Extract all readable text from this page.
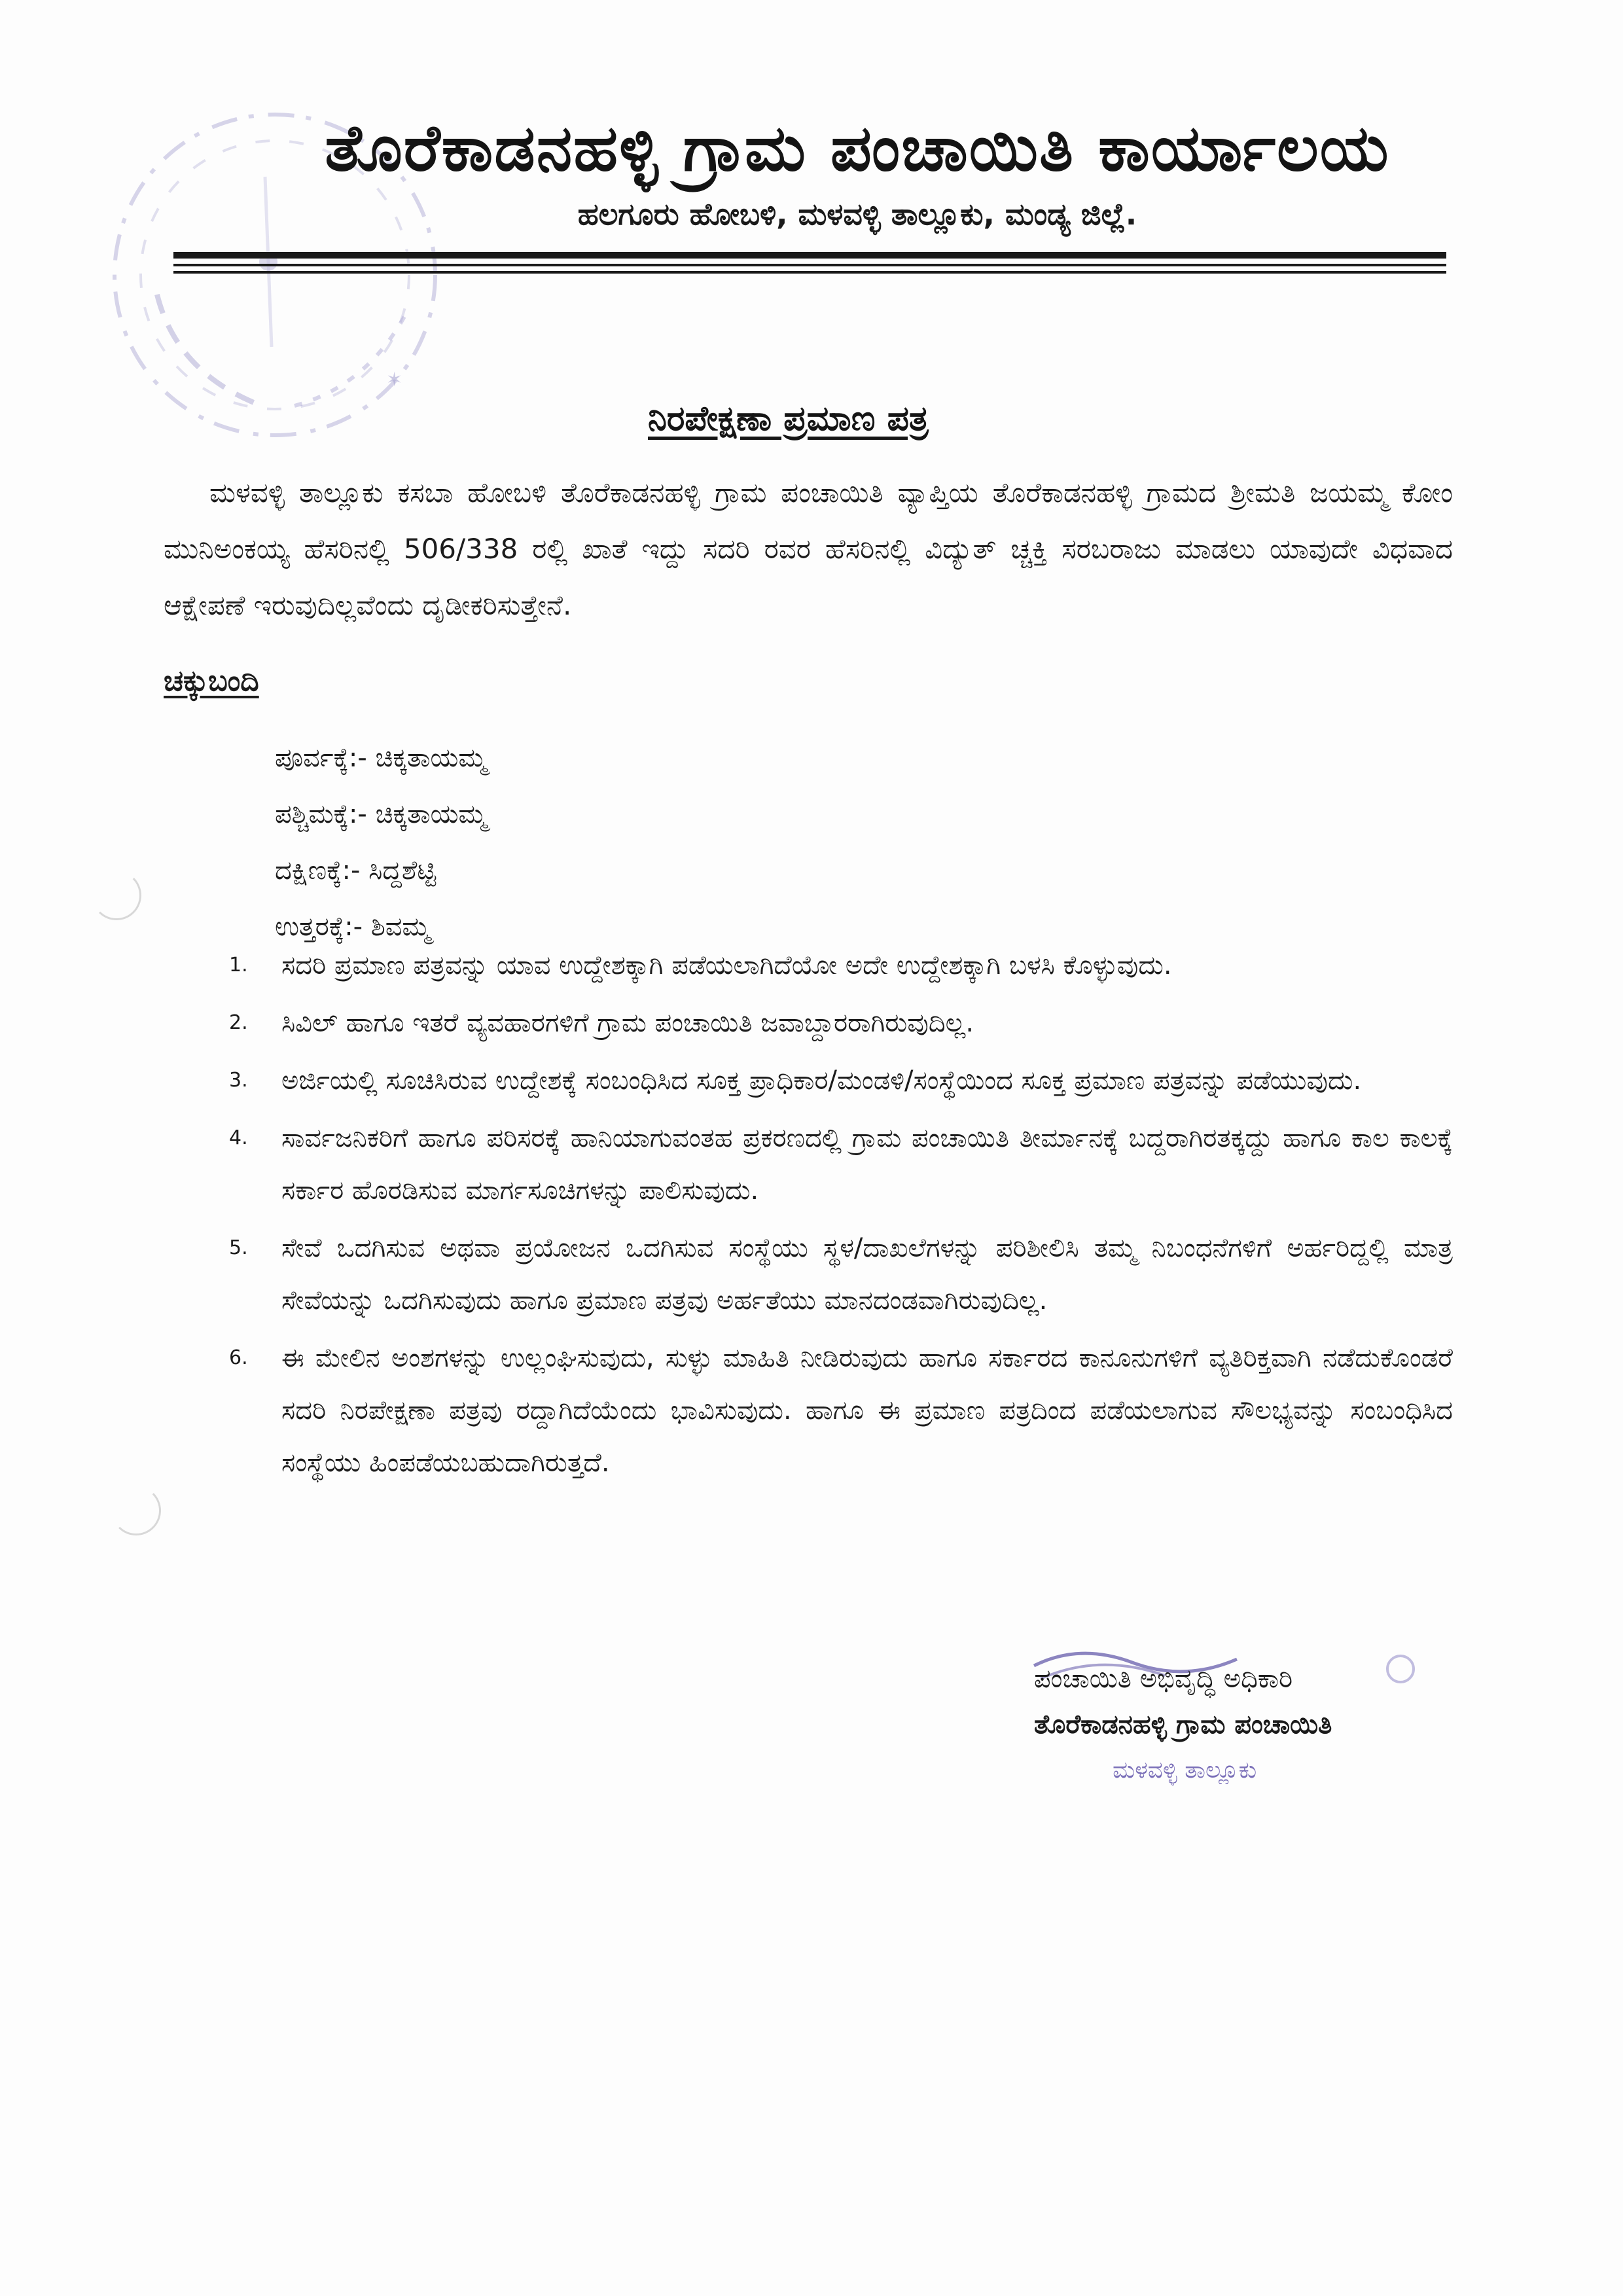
✶
ತೊರೆಕಾಡನಹಳ್ಳಿ ಗ್ರಾಮ ಪಂಚಾಯಿತಿ ಕಾರ್ಯಾಲಯ
ಹಲಗೂರು ಹೋಬಳಿ, ಮಳವಳ್ಳಿ ತಾಲ್ಲೂಕು, ಮಂಡ್ಯ ಜಿಲ್ಲೆ.
ನಿರಪೇಕ್ಷಣಾ ಪ್ರಮಾಣ ಪತ್ರ
ಮಳವಳ್ಳಿ ತಾಲ್ಲೂಕು ಕಸಬಾ ಹೋಬಳಿ ತೊರೆಕಾಡನಹಳ್ಳಿ ಗ್ರಾಮ ಪಂಚಾಯಿತಿ ವ್ಯಾಪ್ತಿಯ ತೊರೆಕಾಡನಹಳ್ಳಿ ಗ್ರಾಮದ ಶ್ರೀಮತಿ ಜಯಮ್ಮ ಕೋಂ ಮುನಿಅಂಕಯ್ಯ ಹೆಸರಿನಲ್ಲಿ 506/338 ರಲ್ಲಿ ಖಾತೆ ಇದ್ದು ಸದರಿ ರವರ ಹೆಸರಿನಲ್ಲಿ ವಿದ್ಯುತ್ ಚ್ಚಕ್ತಿ ಸರಬರಾಜು ಮಾಡಲು ಯಾವುದೇ ವಿಧವಾದ ಆಕ್ಷೇಪಣೆ ಇರುವುದಿಲ್ಲವೆಂದು ದೃಡೀಕರಿಸುತ್ತೇನೆ.
ಚಕ್ಕುಬಂದಿ
ಪೂರ್ವಕ್ಕೆ:- ಚಿಕ್ಕತಾಯಮ್ಮ
ಪಶ್ಚಿಮಕ್ಕೆ:- ಚಿಕ್ಕತಾಯಮ್ಮ
ದಕ್ಷಿಣಕ್ಕೆ:- ಸಿದ್ದಶೆಟ್ಟಿ
ಉತ್ತರಕ್ಕೆ:- ಶಿವಮ್ಮ
1. ಸದರಿ ಪ್ರಮಾಣ ಪತ್ರವನ್ನು ಯಾವ ಉದ್ದೇಶಕ್ಕಾಗಿ ಪಡೆಯಲಾಗಿದೆಯೋ ಅದೇ ಉದ್ದೇಶಕ್ಕಾಗಿ ಬಳಸಿ ಕೊಳ್ಳುವುದು.
2. ಸಿವಿಲ್ ಹಾಗೂ ಇತರೆ ವ್ಯವಹಾರಗಳಿಗೆ ಗ್ರಾಮ ಪಂಚಾಯಿತಿ ಜವಾಬ್ದಾರರಾಗಿರುವುದಿಲ್ಲ.
3. ಅರ್ಜಿಯಲ್ಲಿ ಸೂಚಿಸಿರುವ ಉದ್ದೇಶಕ್ಕೆ ಸಂಬಂಧಿಸಿದ ಸೂಕ್ತ ಪ್ರಾಧಿಕಾರ/ಮಂಡಳಿ/ಸಂಸ್ಥೆಯಿಂದ ಸೂಕ್ತ ಪ್ರಮಾಣ ಪತ್ರವನ್ನು ಪಡೆಯುವುದು.
4. ಸಾರ್ವಜನಿಕರಿಗೆ ಹಾಗೂ ಪರಿಸರಕ್ಕೆ ಹಾನಿಯಾಗುವಂತಹ ಪ್ರಕರಣದಲ್ಲಿ ಗ್ರಾಮ ಪಂಚಾಯಿತಿ ತೀರ್ಮಾನಕ್ಕೆ ಬದ್ದರಾಗಿರತಕ್ಕದ್ದು ಹಾಗೂ ಕಾಲ ಕಾಲಕ್ಕೆ ಸರ್ಕಾರ ಹೊರಡಿಸುವ ಮಾರ್ಗಸೂಚಿಗಳನ್ನು ಪಾಲಿಸುವುದು.
5. ಸೇವೆ ಒದಗಿಸುವ ಅಥವಾ ಪ್ರಯೋಜನ ಒದಗಿಸುವ ಸಂಸ್ಥೆಯು ಸ್ಥಳ/ದಾಖಲೆಗಳನ್ನು ಪರಿಶೀಲಿಸಿ ತಮ್ಮ ನಿಬಂಧನೆಗಳಿಗೆ ಅರ್ಹರಿದ್ದಲ್ಲಿ ಮಾತ್ರ ಸೇವೆಯನ್ನು ಒದಗಿಸುವುದು ಹಾಗೂ ಪ್ರಮಾಣ ಪತ್ರವು ಅರ್ಹತೆಯು ಮಾನದಂಡವಾಗಿರುವುದಿಲ್ಲ.
6. ಈ ಮೇಲಿನ ಅಂಶಗಳನ್ನು ಉಲ್ಲಂಘಿಸುವುದು, ಸುಳ್ಳು ಮಾಹಿತಿ ನೀಡಿರುವುದು ಹಾಗೂ ಸರ್ಕಾರದ ಕಾನೂನುಗಳಿಗೆ ವ್ಯತಿರಿಕ್ತವಾಗಿ ನಡೆದುಕೊಂಡರೆ ಸದರಿ ನಿರಪೇಕ್ಷಣಾ ಪತ್ರವು ರದ್ದಾಗಿದೆಯೆಂದು ಭಾವಿಸುವುದು. ಹಾಗೂ ಈ ಪ್ರಮಾಣ ಪತ್ರದಿಂದ ಪಡೆಯಲಾಗುವ ಸೌಲಭ್ಯವನ್ನು ಸಂಬಂಧಿಸಿದ ಸಂಸ್ಥೆಯು ಹಿಂಪಡೆಯಬಹುದಾಗಿರುತ್ತದೆ.
ಪಂಚಾಯಿತಿ ಅಭಿವೃದ್ಧಿ ಅಧಿಕಾರಿ
ತೊರೆಕಾಡನಹಳ್ಳಿ ಗ್ರಾಮ ಪಂಚಾಯಿತಿ
ಮಳವಳ್ಳಿ ತಾಲ್ಲೂಕು
